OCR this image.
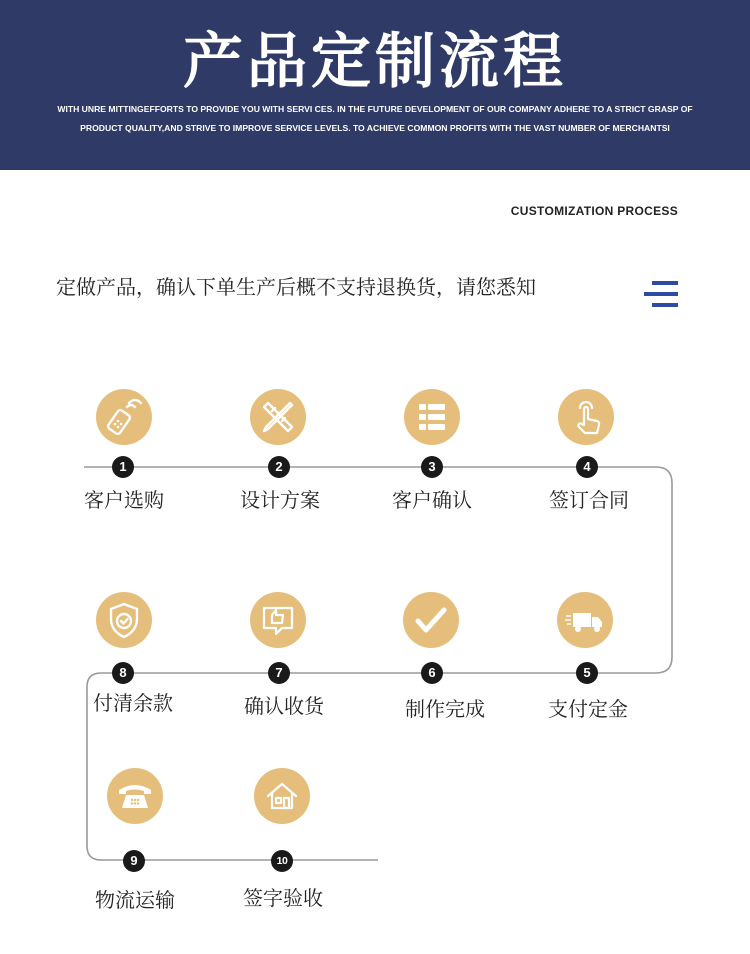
产品定制流程
WITH UNRE MITTINGEFFORTS TO PROVIDE YOU WITH SERVI CES. IN THE FUTURE DEVELOPMENT OF OUR COMPANY ADHERE TO A STRICT GRASP OF
PRODUCT QUALITY,AND STRIVE TO IMPROVE SERVICE LEVELS. TO ACHIEVE COMMON PROFITS WITH THE VAST NUMBER OF MERCHANTSI
CUSTOMIZATION PROCESS
定做产品，确认下单生产后概不支持退换货，请您悉知
1
客户选购
2
设计方案
3
客户确认
4
签订合同
5
支付定金
6
制作完成
7
确认收货
8
付清余款
9
物流运输
10
签字验收
